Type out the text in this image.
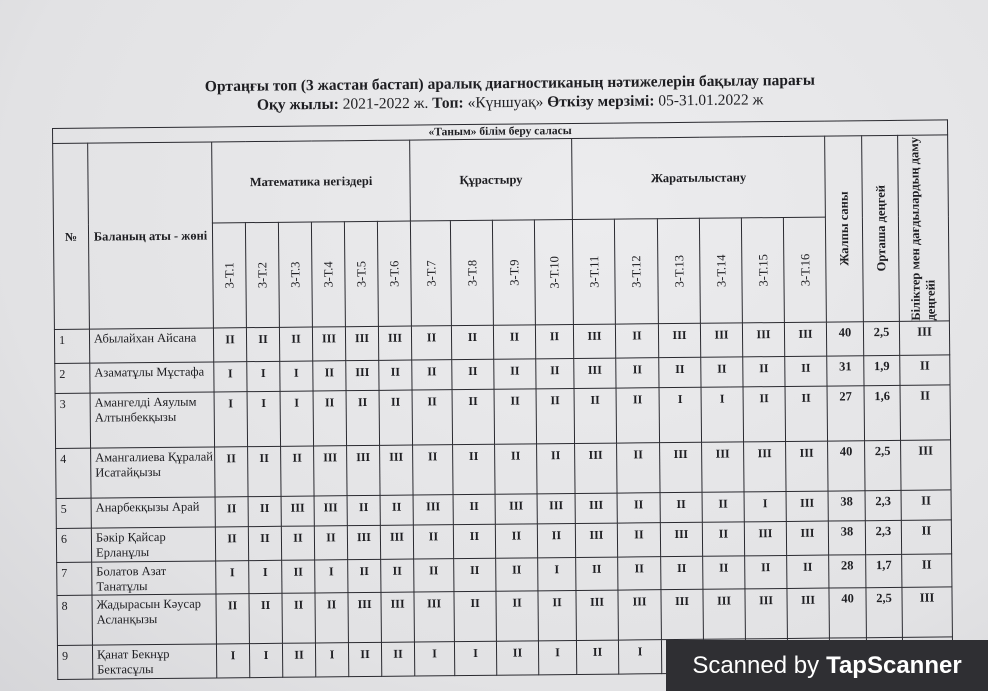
Ортаңғы топ (3 жастан бастап) аралық диагностиканың нәтижелерін бақылау парағы
Оқу жылы: 2021-2022 ж. Топ: «Күншуақ» Өткізу мерзімі: 05-31.01.2022 ж
«Таным» білім беру саласы																				
№	Баланың аты - жөні	Математика негіздері						Құрастыру				Жаратылыстану						Жалпы саны	Орташа деңгей	Біліктер мен дағдылардың даму деңгейі

		3-Т.1	3-Т.2	3-Т.3	3-Т.4	3-Т.5	3-Т.6	3-Т.7	3-Т.8	3-Т.9	3-Т.10	3-Т.11	3-Т.12	3-Т.13	3-Т.14	3-Т.15	3-Т.16			

1	Абылайхан Айсана	II	II	II	III	III	III	II	II	II	II	III	II	III	III	III	III	40	2,5	III
2	Азаматұлы Мұстафа	I	I	I	II	III	II	II	II	II	II	III	II	II	II	II	II	31	1,9	II
3	Амангелді Аяулым Алтынбекқызы	I	I	I	II	II	II	II	II	II	II	II	II	I	I	II	II	27	1,6	II
4	Амангалиева Құралай Исатайқызы	II	II	II	III	III	III	II	II	II	II	III	II	III	III	III	III	40	2,5	III
5	Анарбекқызы Арай	II	II	III	III	II	II	III	II	III	III	III	II	II	II	I	III	38	2,3	II
6	Бәкір Қайсар Ерланұлы	II	II	II	II	III	III	II	II	II	II	III	II	III	II	III	III	38	2,3	II
7	Болатов Азат Танатұлы	I	I	II	I	II	II	II	II	II	I	II	II	II	II	II	II	28	1,7	II
8	Жадырасын Кәусар Асланқызы	II	II	II	II	III	III	III	II	II	II	III	III	III	III	III	III	40	2,5	III
9	Қанат Бекнұр Бектасұлы	I	I	II	I	II	II	I	I	II	I	II	I							
Scanned by TapScanner
